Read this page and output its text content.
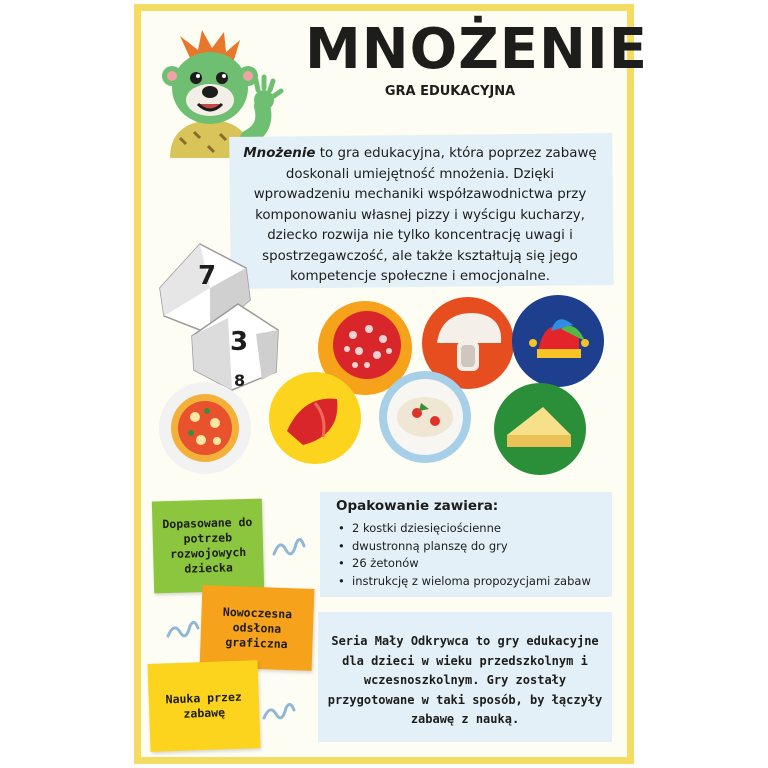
MNOŻENIE
GRA EDUKACYJNA
Mnożenie to gra edukacyjna, która poprzez zabawę doskonali umiejętność mnożenia. Dzięki wprowadzeniu mechaniki współzawodnictwa przy komponowaniu własnej pizzy i wyścigu kucharzy, dziecko rozwija nie tylko koncentrację uwagi i spostrzegawczość, ale także kształtują się jego kompetencje społeczne i emocjonalne.
7
3
8
Dopasowane do potrzeb rozwojowych dziecka
Nowoczesna odsłona graficzna
Nauka przez zabawę
Opakowanie zawiera:
• 2 kostki dziesięciościenne
• dwustronną planszę do gry
• 26 żetonów
• instrukcję z wieloma propozycjami zabaw
Seria Mały Odkrywca to gry edukacyjne dla dzieci w wieku przedszkolnym i wczesnoszkolnym. Gry zostały przygotowane w taki sposób, by łączyły zabawę z nauką.
